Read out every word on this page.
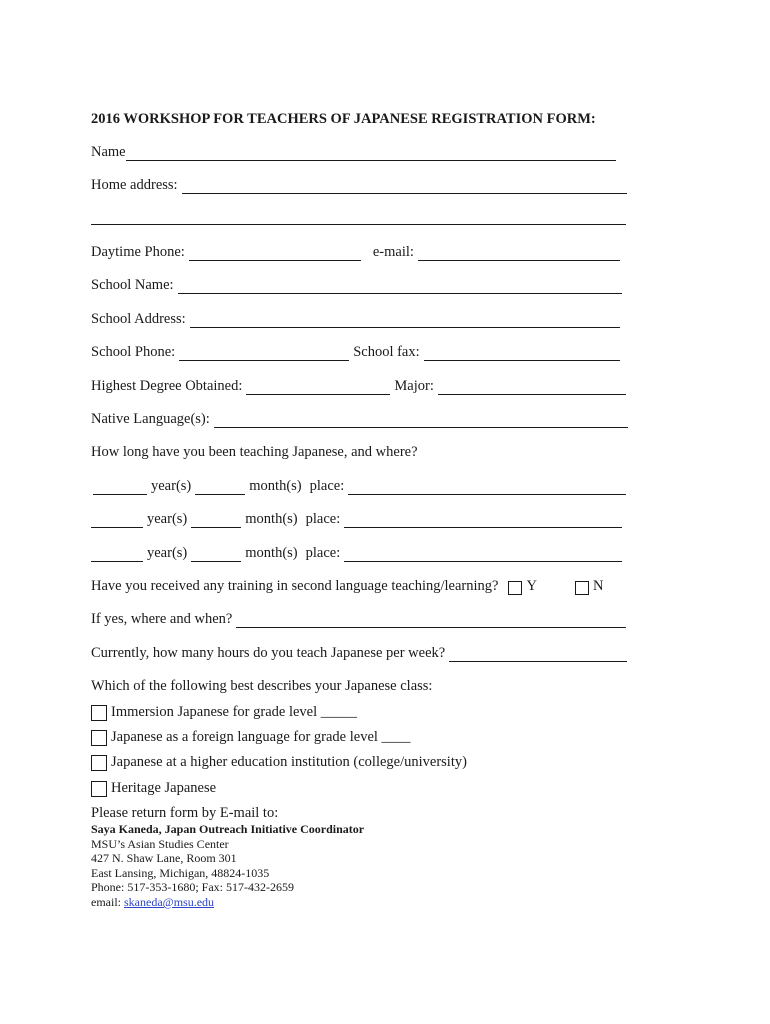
2016 WORKSHOP FOR TEACHERS OF JAPANESE REGISTRATION FORM:
Name
Home address:
Daytime Phone:	e-mail:
School Name:
School Address:
School Phone:	School fax:
Highest Degree Obtained:	Major:
Native Language(s):
How long have you been teaching Japanese, and where?
year(s)	month(s) place:
year(s)	month(s) place:
year(s)	month(s) place:
Have you received any training in second language teaching/learning? Y	N
If yes, where and when?
Currently, how many hours do you teach Japanese per week?
Which of the following best describes your Japanese class:
Immersion Japanese for grade level _____
Japanese as a foreign language for grade level ____
Japanese at a higher education institution (college/university)
Heritage Japanese
Please return form by E-mail to:
Saya Kaneda, Japan Outreach Initiative Coordinator
MSU’s Asian Studies Center
427 N. Shaw Lane, Room 301
East Lansing, Michigan, 48824-1035
Phone: 517-353-1680; Fax: 517-432-2659
email: skaneda@msu.edu
